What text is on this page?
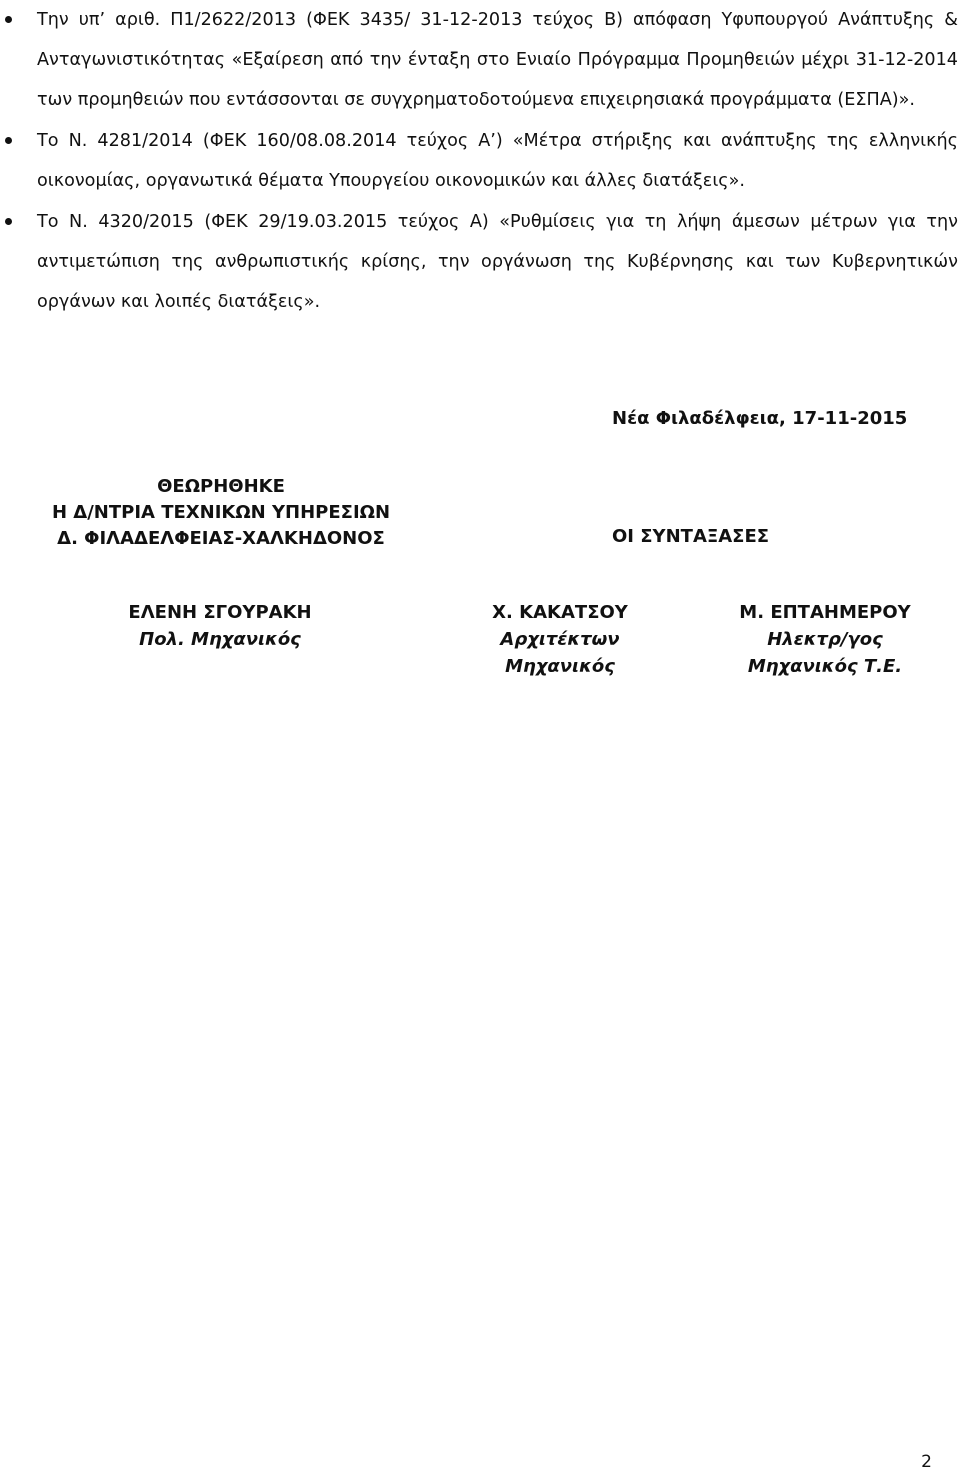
Την υπ’ αριθ. Π1/2622/2013 (ΦΕΚ 3435/ 31-12-2013 τεύχος Β) απόφαση Υφυπουργού Ανάπτυξης & Ανταγωνιστικότητας «Εξαίρεση από την ένταξη στο Ενιαίο Πρόγραμμα Προμηθειών μέχρι 31-12-2014 των προμηθειών που εντάσσονται σε συγχρηματοδοτούμενα επιχειρησιακά προγράμματα (ΕΣΠΑ)».
Το Ν. 4281/2014 (ΦΕΚ 160/08.08.2014 τεύχος Α’) «Μέτρα στήριξης και ανάπτυξης της ελληνικής οικονομίας, οργανωτικά θέματα Υπουργείου οικονομικών και άλλες διατάξεις».
Το Ν. 4320/2015 (ΦΕΚ 29/19.03.2015 τεύχος Α) «Ρυθμίσεις για τη λήψη άμεσων μέτρων για την αντιμετώπιση της ανθρωπιστικής κρίσης, την οργάνωση της Κυβέρνησης και των Κυβερνητικών οργάνων και λοιπές διατάξεις».
Νέα Φιλαδέλφεια, 17-11-2015
ΘΕΩΡΗΘΗΚΕ
Η Δ/ΝΤΡΙΑ ΤΕΧΝΙΚΩΝ ΥΠΗΡΕΣΙΩΝ
Δ. ΦΙΛΑΔΕΛΦΕΙΑΣ-ΧΑΛΚΗΔΟΝΟΣ	ΟΙ ΣΥΝΤΑΞΑΣΕΣ
ΕΛΕΝΗ ΣΓΟΥΡΑΚΗ
Πολ. Μηχανικός
Χ. ΚΑΚΑΤΣΟΥ
Αρχιτέκτων
Μηχανικός
Μ. ΕΠΤΑΗΜΕΡΟΥ
Ηλεκτρ/γος
Μηχανικός Τ.Ε.
2
